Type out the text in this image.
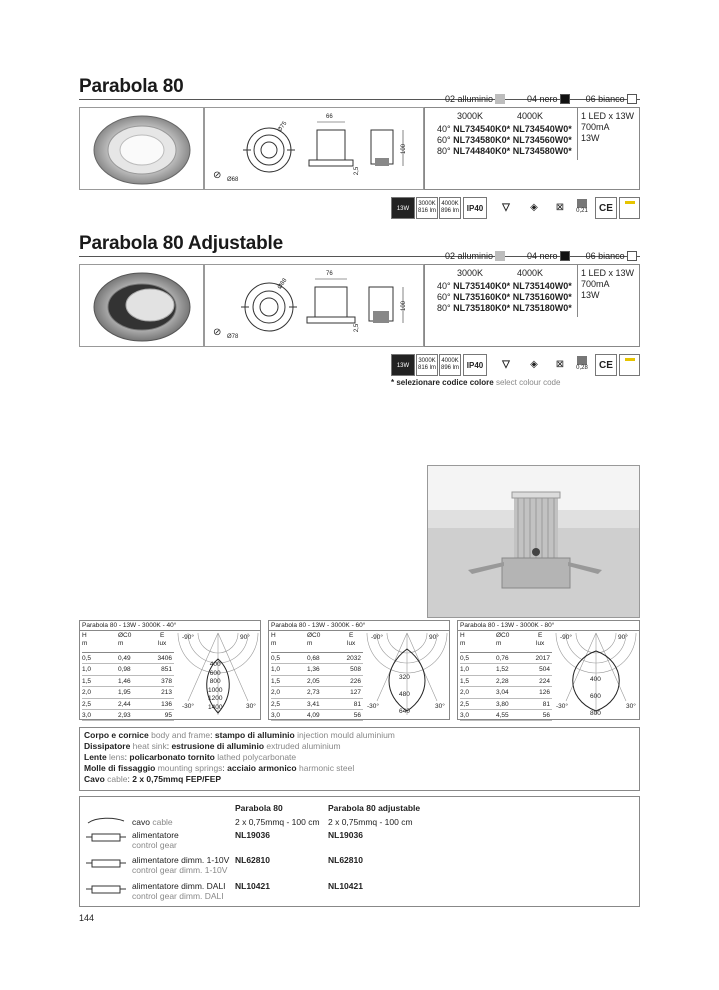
Parabola 80
02 alluminio	04 nero	06 bianco
66
Ø75
100
2,5
⊘ Ø68
3000K	4000K
40° NL734540K0* NL734540W0*
60° NL734580K0* NL734560W0*
80° NL744840K0* NL734580W0*
1 LED x 13W
700mA
13W
13W
3000K
816 lm
4000K
896 lm IP40	▽	◈	⊠	0,21	CE
Parabola 80 Adjustable
02 alluminio	04 nero	06 bianco
76
Ø88
100
2,5
⊘ Ø78
3000K	4000K
40° NL735140K0* NL735140W0*
60° NL735160K0* NL735160W0*
80° NL735180K0* NL735180W0*
1 LED x 13W
700mA
13W
13W
3000K
816 lm
4000K
896 lm IP40	▽	◈	⊠	0,28	CE
* selezionare codice colore select colour code
Parabola 80 - 13W - 3000K - 40°
H
m
ØC0
m
E
lux
0,5	0,49	3406
1,0	0,98	851
1,5	1,46	378
2,0	1,95	213
2,5	2,44	136
3,0	2,93	95
-90°	90°
-30°	30°
400
600
800
1000
1200
1400
Parabola 80 - 13W - 3000K - 60°
H
m
ØC0
m
E
lux
0,5	0,68	2032
1,0	1,36	508
1,5	2,05	226
2,0	2,73	127
2,5	3,41	81
3,0	4,09	56
-90°	90°
-30°	30°
320
480
640
Parabola 80 - 13W - 3000K - 80°
H
m
ØC0
m
E
lux
0,5	0,76	2017
1,0	1,52	504
1,5	2,28	224
2,0	3,04	126
2,5	3,80	81
3,0	4,55	56
-90°	90°
-30°	30°
400
600
800
Corpo e cornice body and frame: stampo di alluminio injection mould aluminium
Dissipatore heat sink: estrusione di alluminio extruded aluminium
Lente lens: policarbonato tornito lathed polycarbonate
Molle di fissaggio mounting springs: acciaio armonico harmonic steel
Cavo cable: 2 x 0,75mmq FEP/FEP
Parabola 80	Parabola 80 adjustable
cavo cable	2 x 0,75mmq - 100 cm 2 x 0,75mmq - 100 cm
alimentatore
control gear
NL19036	NL19036
alimentatore dimm. 1-10V
control gear dimm. 1-10V
NL62810	NL62810
alimentatore dimm. DALI
control gear dimm. DALI
NL10421	NL10421
144
